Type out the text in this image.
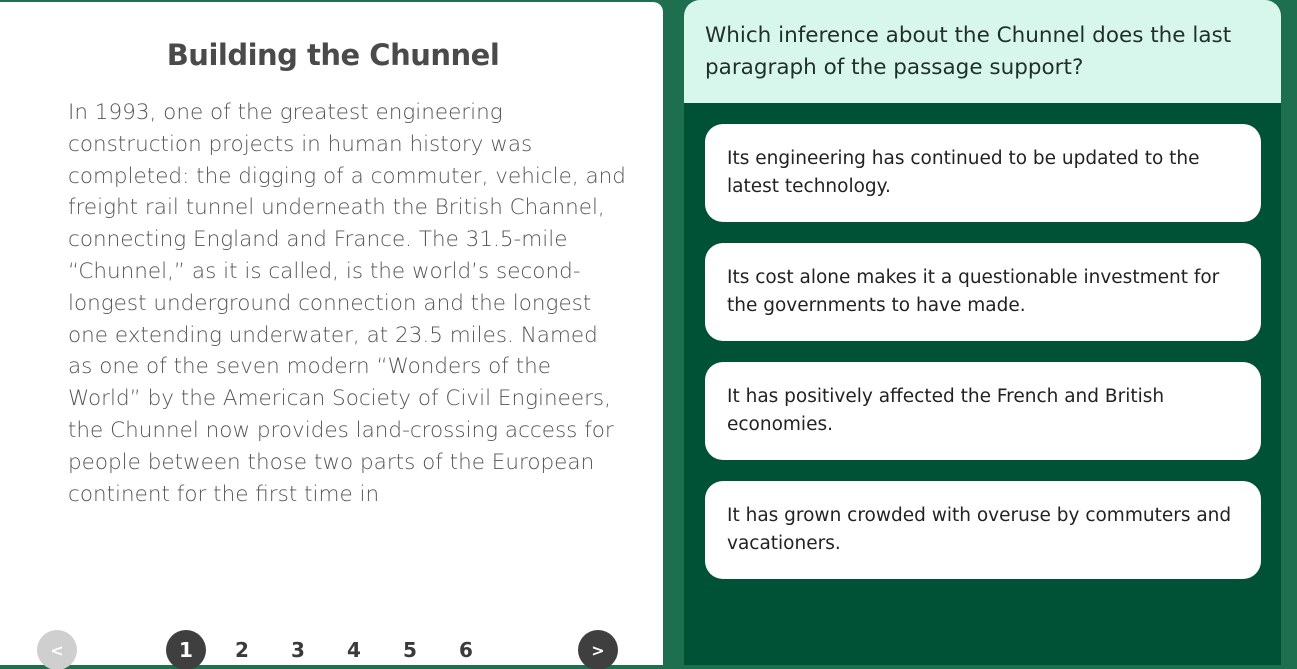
Building the Chunnel

In 1993, one of the greatest engineering construction projects in human history was completed: the digging of a commuter, vehicle, and freight rail tunnel underneath the British Channel, connecting England and France. The 31.5-mile “Chunnel,” as it is called, is the world’s second-longest underground connection and the longest one extending underwater, at 23.5 miles. Named as one of the seven modern “Wonders of the World” by the American Society of Civil Engineers, the Chunnel now provides land-crossing access for people between those two parts of the European continent for the first time in

<	1	2	3	4	5	6	>

Which inference about the Chunnel does the last paragraph of the passage support?

Its engineering has continued to be updated to the latest technology.
Its cost alone makes it a questionable investment for the governments to have made.
It has positively affected the French and British economies.
It has grown crowded with overuse by commuters and vacationers.
